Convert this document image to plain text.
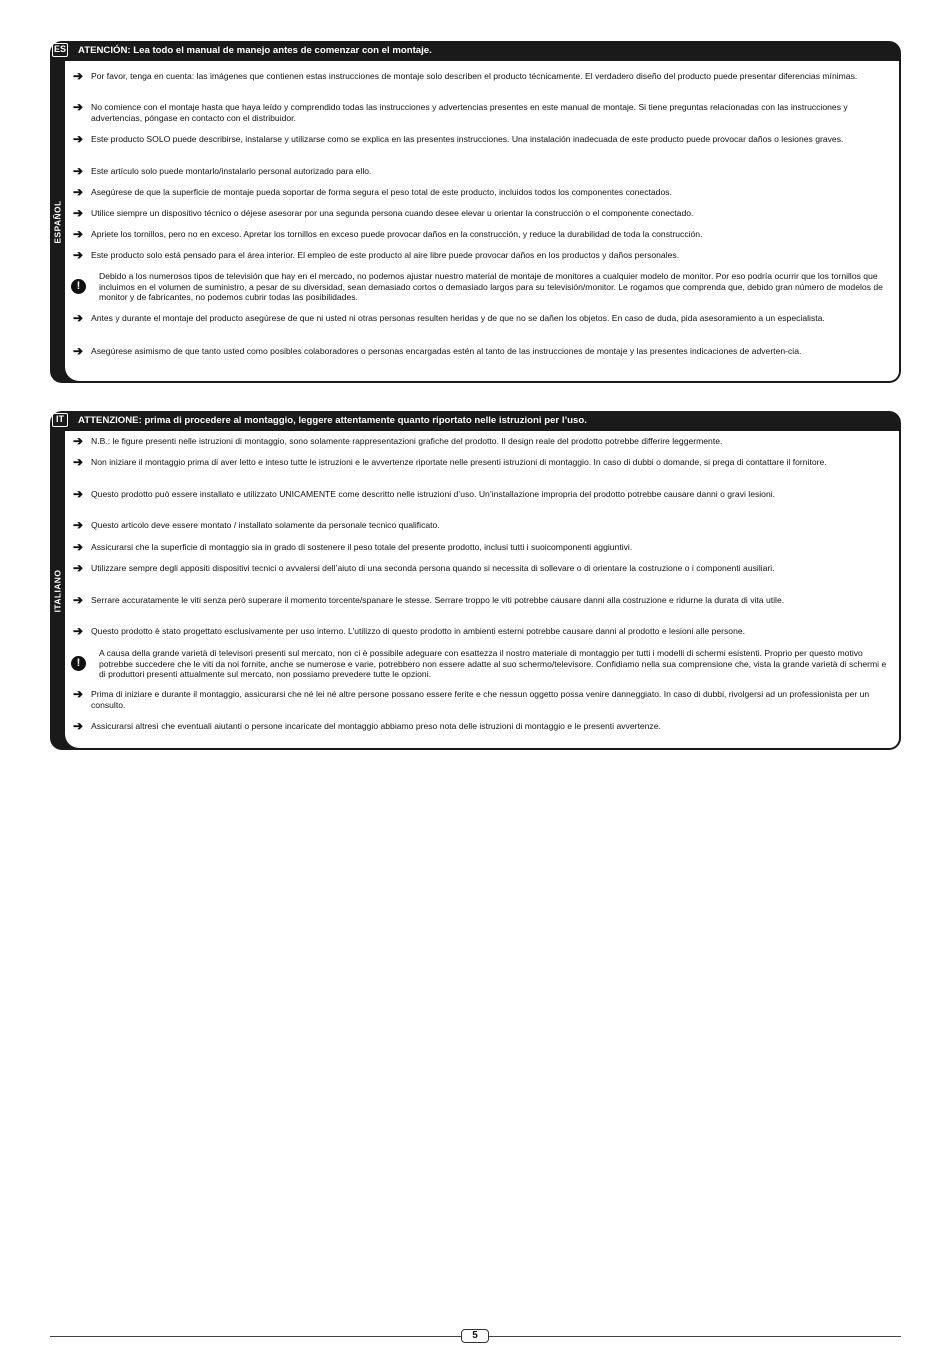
ES ATENCIÓN: Lea todo el manual de manejo antes de comenzar con el montaje.
ESPAÑOL
➔ Por favor, tenga en cuenta: las imágenes que contienen estas instrucciones de montaje solo describen el producto técnicamente. El verdadero diseño del producto puede presentar diferencias mínimas.
➔ No comience con el montaje hasta que haya leído y comprendido todas las instrucciones y advertencias presentes en este manual de montaje. Si tiene preguntas relacionadas con las instrucciones y advertencias, póngase en contacto con el distribuidor.
➔ Este producto SOLO puede describirse, instalarse y utilizarse como se explica en las presentes instrucciones. Una instalación inadecuada de este producto puede provocar daños o lesiones graves.
➔ Este artículo solo puede montarlo/instalarlo personal autorizado para ello.
➔ Asegúrese de que la superficie de montaje pueda soportar de forma segura el peso total de este producto, incluidos todos los componentes conectados.
➔ Utilice siempre un dispositivo técnico o déjese asesorar por una segunda persona cuando desee elevar u orientar la construcción o el componente conectado.
➔ Apriete los tornillos, pero no en exceso. Apretar los tornillos en exceso puede provocar daños en la construcción, y reduce la durabilidad de toda la construcción.
➔ Este producto solo está pensado para el área interior. El empleo de este producto al aire libre puede provocar daños en los productos y daños personales.
!
Debido a los numerosos tipos de televisión que hay en el mercado, no podemos ajustar nuestro material de montaje de monitores a cualquier modelo de monitor. Por eso podría ocurrir que los tornillos que incluimos en el volumen de suministro, a pesar de su diversidad, sean demasiado cortos o demasiado largos para su televisión/monitor. Le rogamos que comprenda que, debido gran número de modelos de monitor y de fabricantes, no podemos cubrir todas las posibilidades.
➔ Antes y durante el montaje del producto asegúrese de que ni usted ni otras personas resulten heridas y de que no se dañen los objetos. En caso de duda, pida asesoramiento a un especialista.
➔ Asegúrese asimismo de que tanto usted como posibles colaboradores o personas encargadas estén al tanto de las instrucciones de montaje y las presentes indicaciones de adverten-cia.
IT	ATTENZIONE: prima di procedere al montaggio, leggere attentamente quanto riportato nelle istruzioni per l’uso.
ITALIANO
➔ N.B.: le figure presenti nelle istruzioni di montaggio, sono solamente rappresentazioni grafiche del prodotto. Il design reale del prodotto potrebbe differire leggermente.
➔ Non iniziare il montaggio prima di aver letto e inteso tutte le istruzioni e le avvertenze riportate nelle presenti istruzioni di montaggio. In caso di dubbi o domande, si prega di contattare il fornitore.
➔ Questo prodotto può essere installato e utilizzato UNICAMENTE come descritto nelle istruzioni d’uso. Un’installazione impropria del prodotto potrebbe causare danni o gravi lesioni.
➔ Questo articolo deve essere montato / installato solamente da personale tecnico qualificato.
➔ Assicurarsi che la superficie di montaggio sia in grado di sostenere il peso totale del presente prodotto, inclusi tutti i suoicomponenti aggiuntivi.
➔ Utilizzare sempre degli appositi dispositivi tecnici o avvalersi dell’aiuto di una seconda persona quando si necessita di sollevare o di orientare la costruzione o i componenti ausiliari.
➔ Serrare accuratamente le viti senza però superare il momento torcente/spanare le stesse. Serrare troppo le viti potrebbe causare danni alla costruzione e ridurne la durata di vita utile.
➔ Questo prodotto è stato progettato esclusivamente per uso interno. L’utilizzo di questo prodotto in ambienti esterni potrebbe causare danni al prodotto e lesioni alle persone.
!
A causa della grande varietà di televisori presenti sul mercato, non ci è possibile adeguare con esattezza il nostro materiale di montaggio per tutti i modelli di schermi esistenti. Proprio per questo motivo potrebbe succedere che le viti da noi fornite, anche se numerose e varie, potrebbero non essere adatte al suo schermo/televisore. Confidiamo nella sua comprensione che, vista la grande varietà di schermi e di produttori presenti attualmente sul mercato, non possiamo prevedere tutte le opzioni.
➔ Prima di iniziare e durante il montaggio, assicurarsi che né lei né altre persone possano essere ferite e che nessun oggetto possa venire danneggiato. In caso di dubbi, rivolgersi ad un professionista per un consulto.
➔ Assicurarsi altresì che eventuali aiutanti o persone incaricate del montaggio abbiamo preso nota delle istruzioni di montaggio e le presenti avvertenze.
5
